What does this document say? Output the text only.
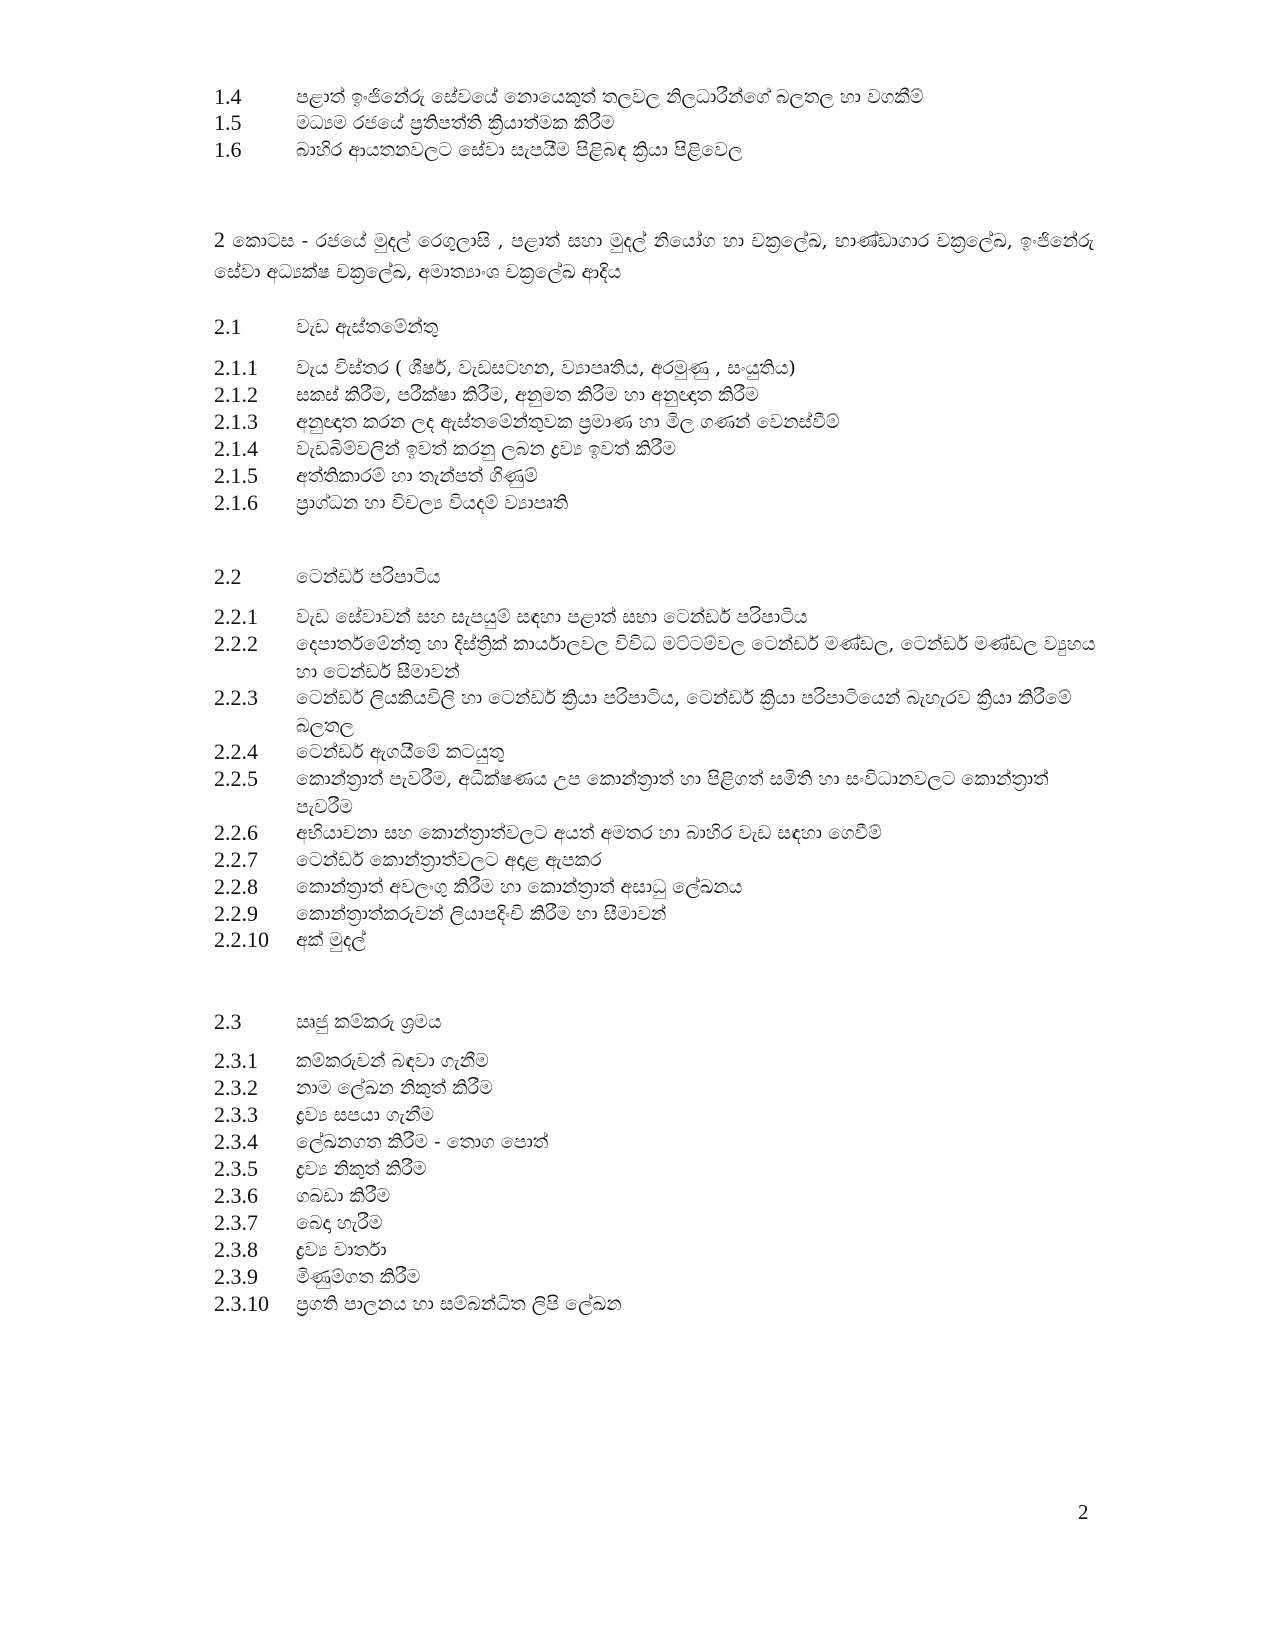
1.4	පළාත් ඉංජිනේරු සේවයේ නොයෙකුත් තලවල නිලධාරීන්ගේ බලතල හා වගකීම්
1.5	මධ්‍යම රජයේ ප්‍රතිපත්ති ක්‍රියාත්මක කිරීම
1.6	බාහිර ආයතනවලට සේවා සැපයීම පිළිබඳ ක්‍රියා පිළිවෙල
2 කොටස - රජයේ මුදල් රෙගුලාසි , පළාත් සහා මුදල් නියෝග හා චක්‍රලේඛ, භාණ්ඩාගාර චක්‍රලේඛ, ඉංජිනේරු සේවා අධ්‍යක්ෂ චක්‍රලේඛ, අමාත්‍යාංශ චක්‍රලේඛ ආදිය
2.1	වැඩ ඇස්තමේන්තු
2.1.1 වැය විස්තර ( ශීර්ෂ, වැඩසටහන, ව්‍යාපෘතිය, අරමුණු , සංයුතිය)
2.1.2 සකස් කිරීම, පරීක්ෂා කිරීම, අනුමත කිරීම හා අනුඥාත කිරීම
2.1.3 අනුඥාත කරන ලද ඇස්තමේන්තුවක ප්‍රමාණ හා මිල ගණන් වෙනස්වීම්
2.1.4 වැඩබිම්වලින් ඉවත් කරනු ලබන ද්‍රව්‍ය ඉවත් කිරීම
2.1.5 අත්තිකාරම් හා තැන්පත් ගිණුම්
2.1.6 ප්‍රාග්ධන හා විචල්‍ය වියදම් ව්‍යාපෘති
2.2	ටෙන්ඩර් පරිපාටිය
2.2.1 වැඩ සේවාවන් සහ සැපයුම් සඳහා පළාත් සභා ටෙන්ඩර් පරිපාටිය
2.2.2 දෙපාර්තමේන්තු හා දිස්ත්‍රික් කාර්යාලවල විවිධ මට්ටම්වල ටෙන්ඩර් මණ්ඩල, ටෙන්ඩර් මණ්ඩල ව්‍යුහය හා ටෙන්ඩර් සීමාවන්
2.2.3 ටෙන්ඩර් ලියකියවිලි හා ටෙන්ඩර් ක්‍රියා පරිපාටිය, ටෙන්ඩර් ක්‍රියා පරිපාටියෙන් බැහැරව ක්‍රියා කිරීමේ බලතල
2.2.4 ටෙන්ඩර් ඇගයීමේ කටයුතු
2.2.5 කොන්ත්‍රාත් පැවරීම, අධීක්ෂණය උප කොන්ත්‍රාත් හා පිළිගත් සමිති හා සංවිධානවලට කොන්ත්‍රාත් පැවරීම
2.2.6 අභියාචනා සහ කොන්ත්‍රාත්වලට අයත් අමතර හා බාහිර වැඩ සඳහා ගෙවීම්
2.2.7 ටෙන්ඩර් කොන්ත්‍රාත්වලට අදාළ ඇපකර
2.2.8 කොන්ත්‍රාත් අවලංගු කිරීම හා කොන්ත්‍රාත් අසාධු ලේඛනය
2.2.9 කොන්ත්‍රාත්කරුවන් ලියාපදිංචි කිරීම හා සීමාවන්
2.2.10 අක් මුදල්
2.3	ඍජු කම්කරු ශ්‍රමය
2.3.1 කම්කරුවන් බඳවා ගැනීම
2.3.2 නාම ලේඛන නිකුත් කිරීම
2.3.3 ද්‍රව්‍ය සපයා ගැනීම
2.3.4 ලේඛනගත කිරීම - තොග පොත්
2.3.5 ද්‍රව්‍ය නිකුත් කිරීම
2.3.6 ගබඩා කිරීම
2.3.7 බෙදා හැරීම
2.3.8 ද්‍රව්‍ය වාර්තා
2.3.9 මිණුම්ගත කිරීම
2.3.10 ප්‍රගති පාලනය හා සම්බන්ධිත ලිපි ලේඛන
2
